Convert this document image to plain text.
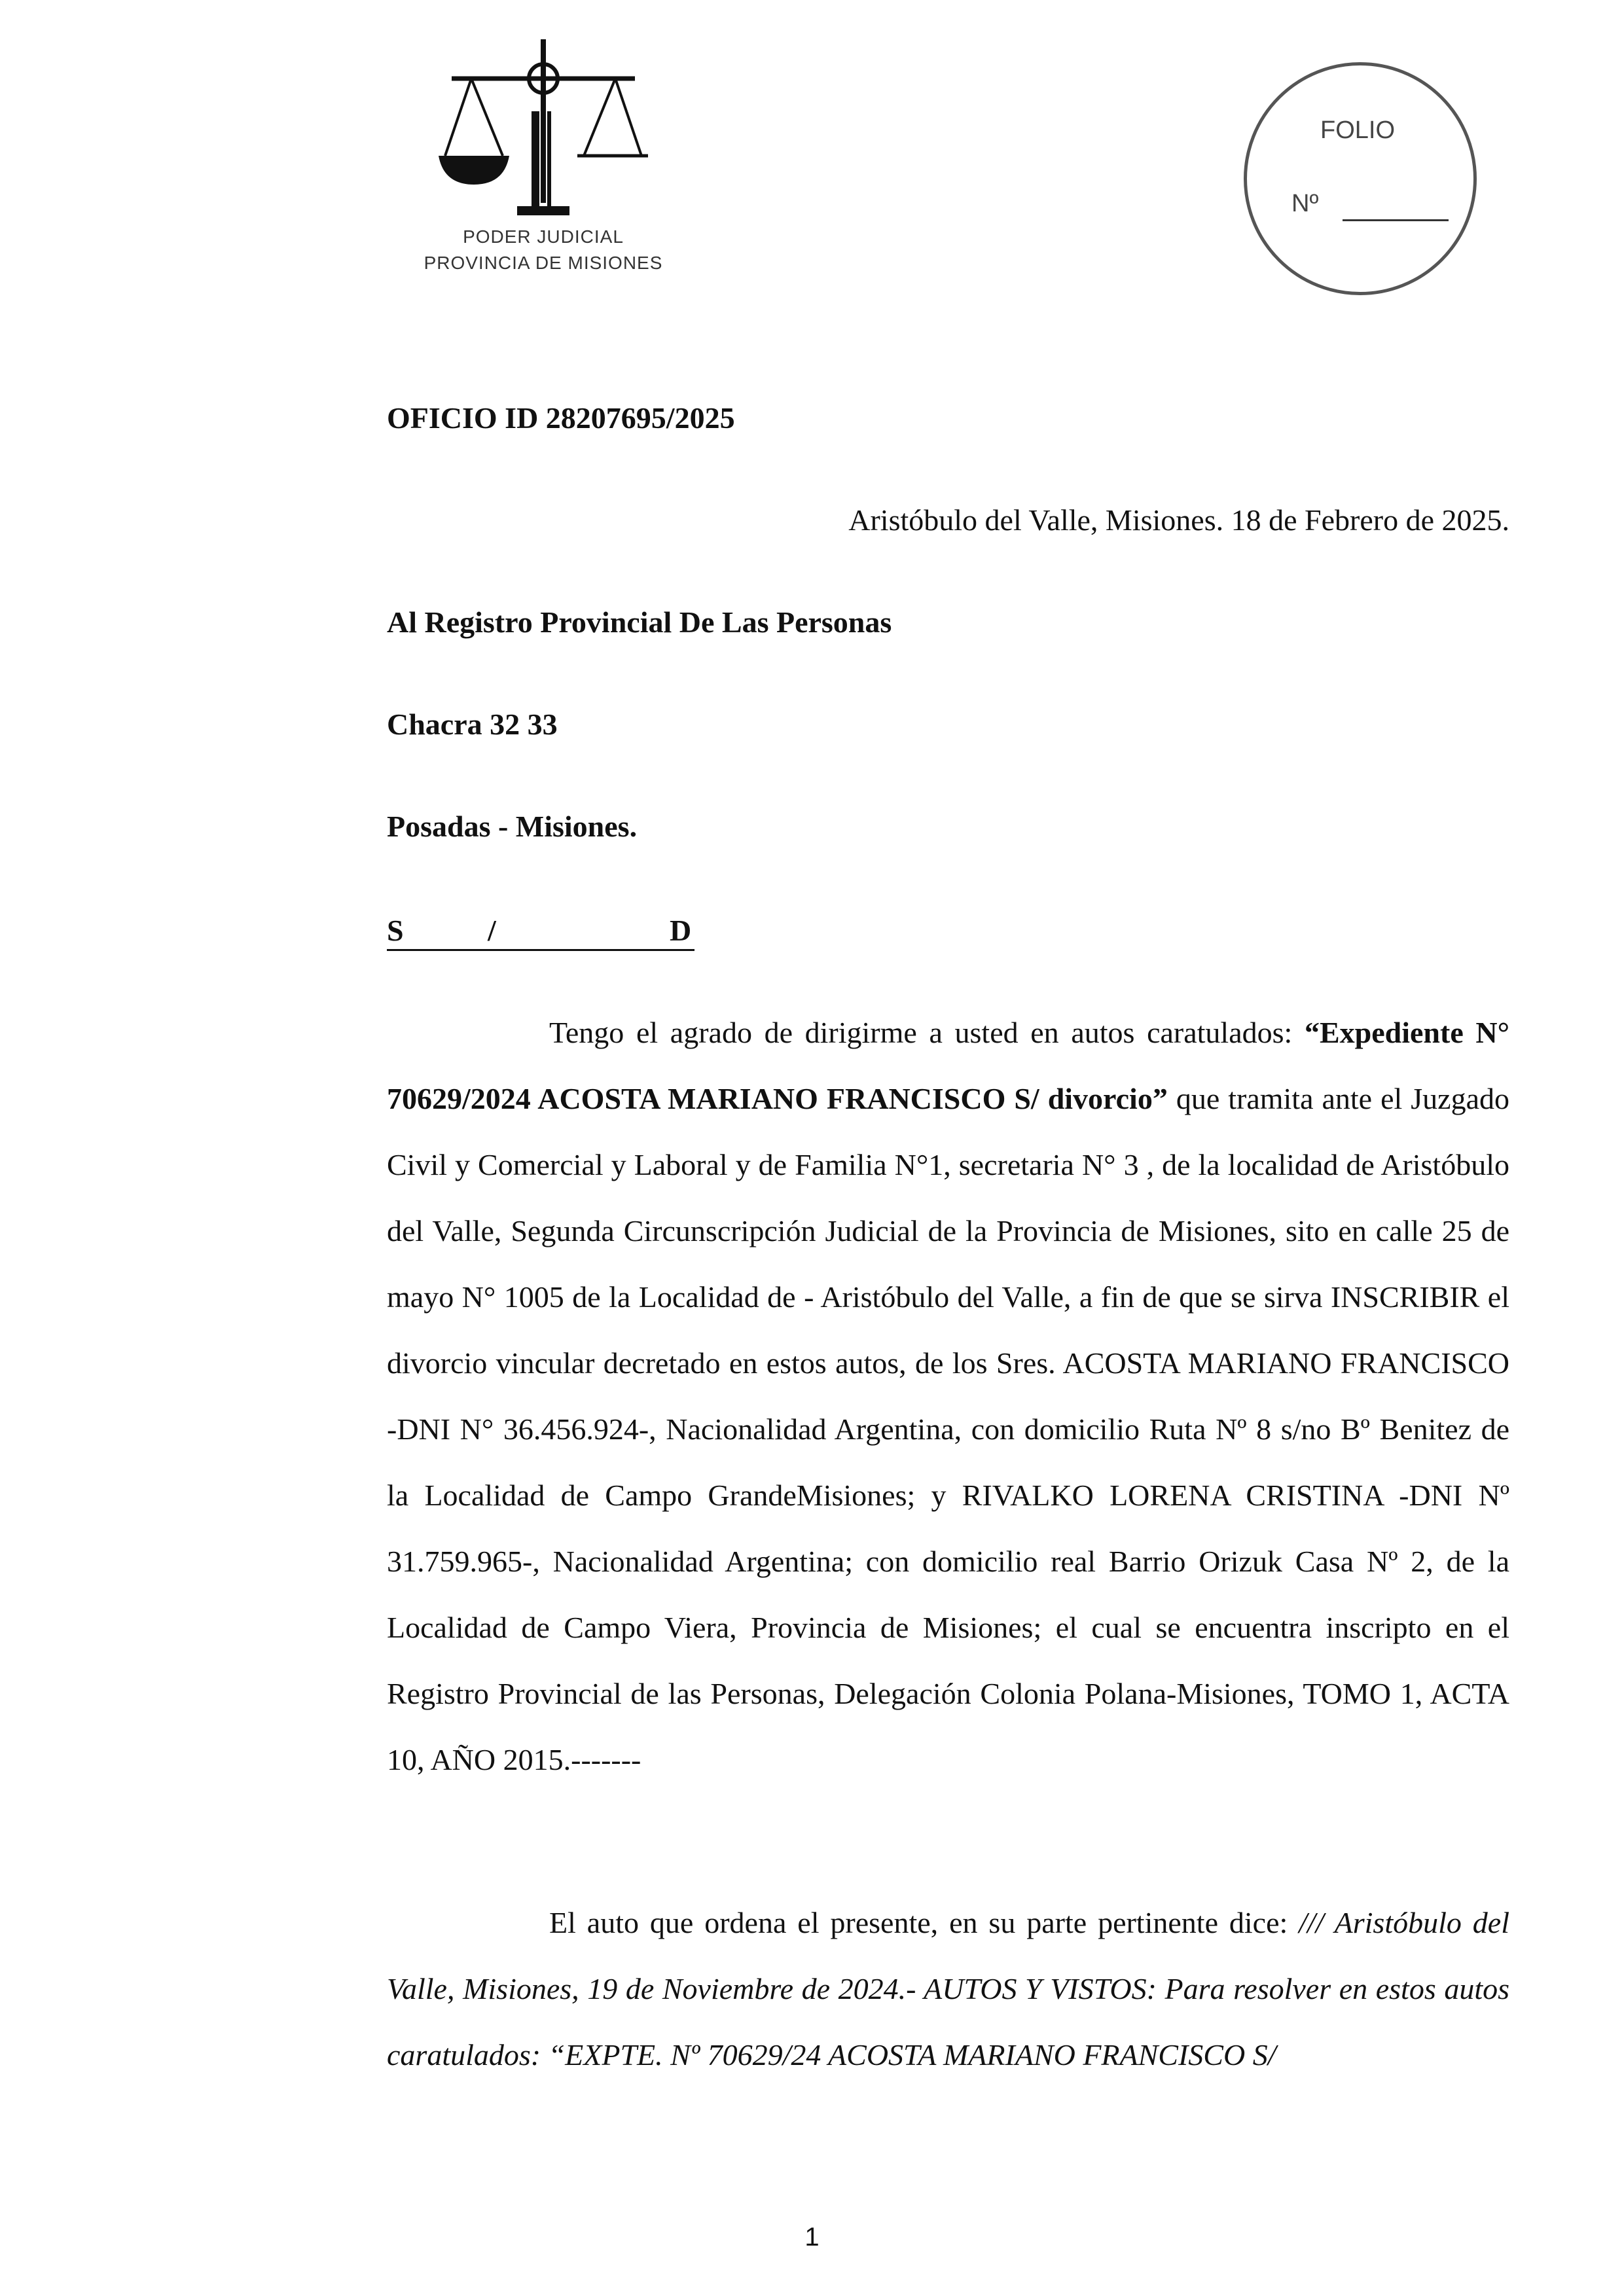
PODER JUDICIAL
PROVINCIA DE MISIONES
FOLIO
Nº
OFICIO ID 28207695/2025
Aristóbulo del Valle, Misiones. 18 de Febrero de 2025.
Al Registro Provincial De Las Personas
Chacra 32 33
Posadas - Misiones.
S	/	D

Tengo el agrado de dirigirme a usted en autos caratulados: “Expediente N° 70629/2024 ACOSTA MARIANO FRANCISCO S/ divorcio” que tramita ante el Juzgado Civil y Comercial y Laboral y de Familia N°1, secretaria N° 3 , de la localidad de Aristóbulo del Valle, Segunda Circunscripción Judicial de la Provincia de Misiones, sito en calle 25 de mayo N° 1005 de la Localidad de - Aristóbulo del Valle, a fin de que se sirva INSCRIBIR el divorcio vincular decretado en estos autos, de los Sres. ACOSTA MARIANO FRANCISCO -DNI N° 36.456.924-, Nacionalidad Argentina, con domicilio Ruta Nº 8 s/no Bº Benitez de la Localidad de Campo GrandeMisiones; y RIVALKO LORENA CRISTINA -DNI Nº 31.759.965-, Nacionalidad Argentina; con domicilio real Barrio Orizuk Casa Nº 2, de la Localidad de Campo Viera, Provincia de Misiones; el cual se encuentra inscripto en el Registro Provincial de las Personas, Delegación Colonia Polana-Misiones, TOMO 1, ACTA 10, AÑO 2015.-------

El auto que ordena el presente, en su parte pertinente dice: /// Aristóbulo del Valle, Misiones, 19 de Noviembre de 2024.- AUTOS Y VISTOS: Para resolver en estos autos caratulados: “EXPTE. Nº 70629/24 ACOSTA MARIANO FRANCISCO S/

1
